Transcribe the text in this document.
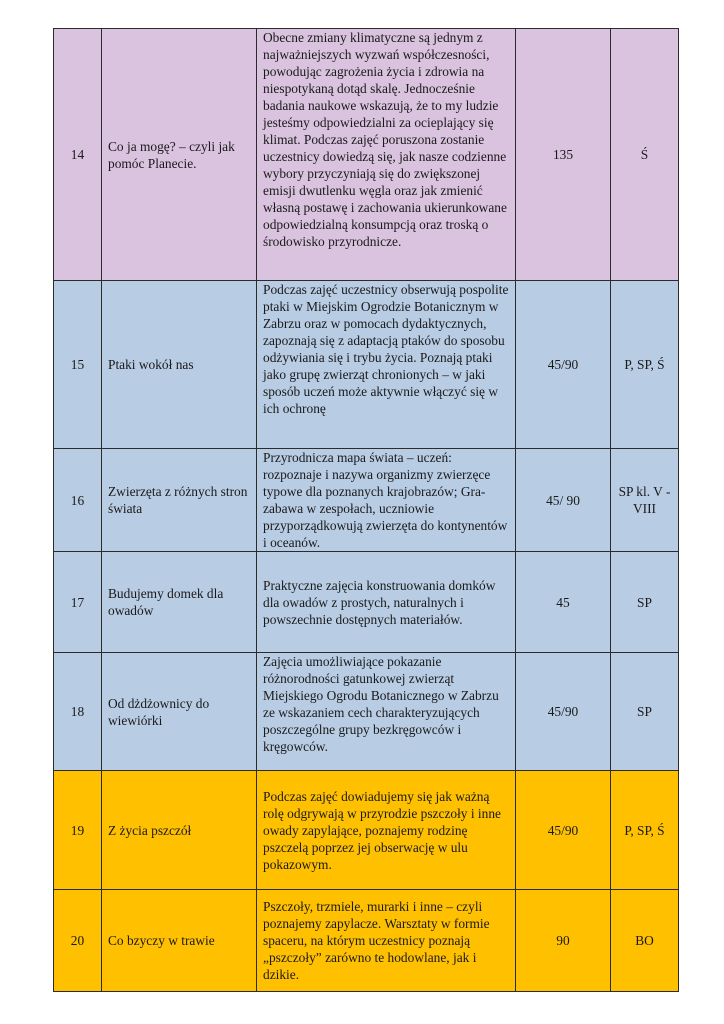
14	Co ja mogę? – czyli jak pomóc Planecie.	Obecne zmiany klimatyczne są jednym z najważniejszych wyzwań współczesności, powodując zagrożenia życia i zdrowia na niespotykaną dotąd skalę. Jednocześnie badania naukowe wskazują, że to my ludzie jesteśmy odpowiedzialni za ocieplający się klimat. Podczas zajęć poruszona zostanie uczestnicy dowiedzą się, jak nasze codzienne wybory przyczyniają się do zwiększonej emisji dwutlenku węgla oraz jak zmienić własną postawę i zachowania ukierunkowane odpowiedzialną konsumpcją oraz troską o środowisko przyrodnicze.	135	Ś
15	Ptaki wokół nas	Podczas zajęć uczestnicy obserwują pospolite ptaki w Miejskim Ogrodzie Botanicznym w Zabrzu oraz w pomocach dydaktycznych, zapoznają się z adaptacją ptaków do sposobu odżywiania się i trybu życia. Poznają ptaki jako grupę zwierząt chronionych – w jaki sposób uczeń może aktywnie włączyć się w ich ochronę	45/90	P, SP, Ś
16	Zwierzęta z różnych stron świata	Przyrodnicza mapa świata – uczeń: rozpoznaje i nazywa organizmy zwierzęce typowe dla poznanych krajobrazów; Gra-zabawa w zespołach, uczniowie przyporządkowują zwierzęta do kontynentów i oceanów.	45/ 90	SP kl. V - VIII
17	Budujemy domek dla owadów	Praktyczne zajęcia konstruowania domków dla owadów z prostych, naturalnych i powszechnie dostępnych materiałów.	45	SP
18	Od dżdżownicy do wiewiórki	Zajęcia umożliwiające pokazanie różnorodności gatunkowej zwierząt Miejskiego Ogrodu Botanicznego w Zabrzu ze wskazaniem cech charakteryzujących poszczególne grupy bezkręgowców i kręgowców.	45/90	SP
19	Z życia pszczół	Podczas zajęć dowiadujemy się jak ważną rolę odgrywają w przyrodzie pszczoły i inne owady zapylające, poznajemy rodzinę pszczelą poprzez jej obserwację w ulu pokazowym.	45/90	P, SP, Ś
20	Co bzyczy w trawie	Pszczoły, trzmiele, murarki i inne – czyli poznajemy zapylacze. Warsztaty w formie spaceru, na którym uczestnicy poznają „pszczoły” zarówno te hodowlane, jak i dzikie.	90	BO
